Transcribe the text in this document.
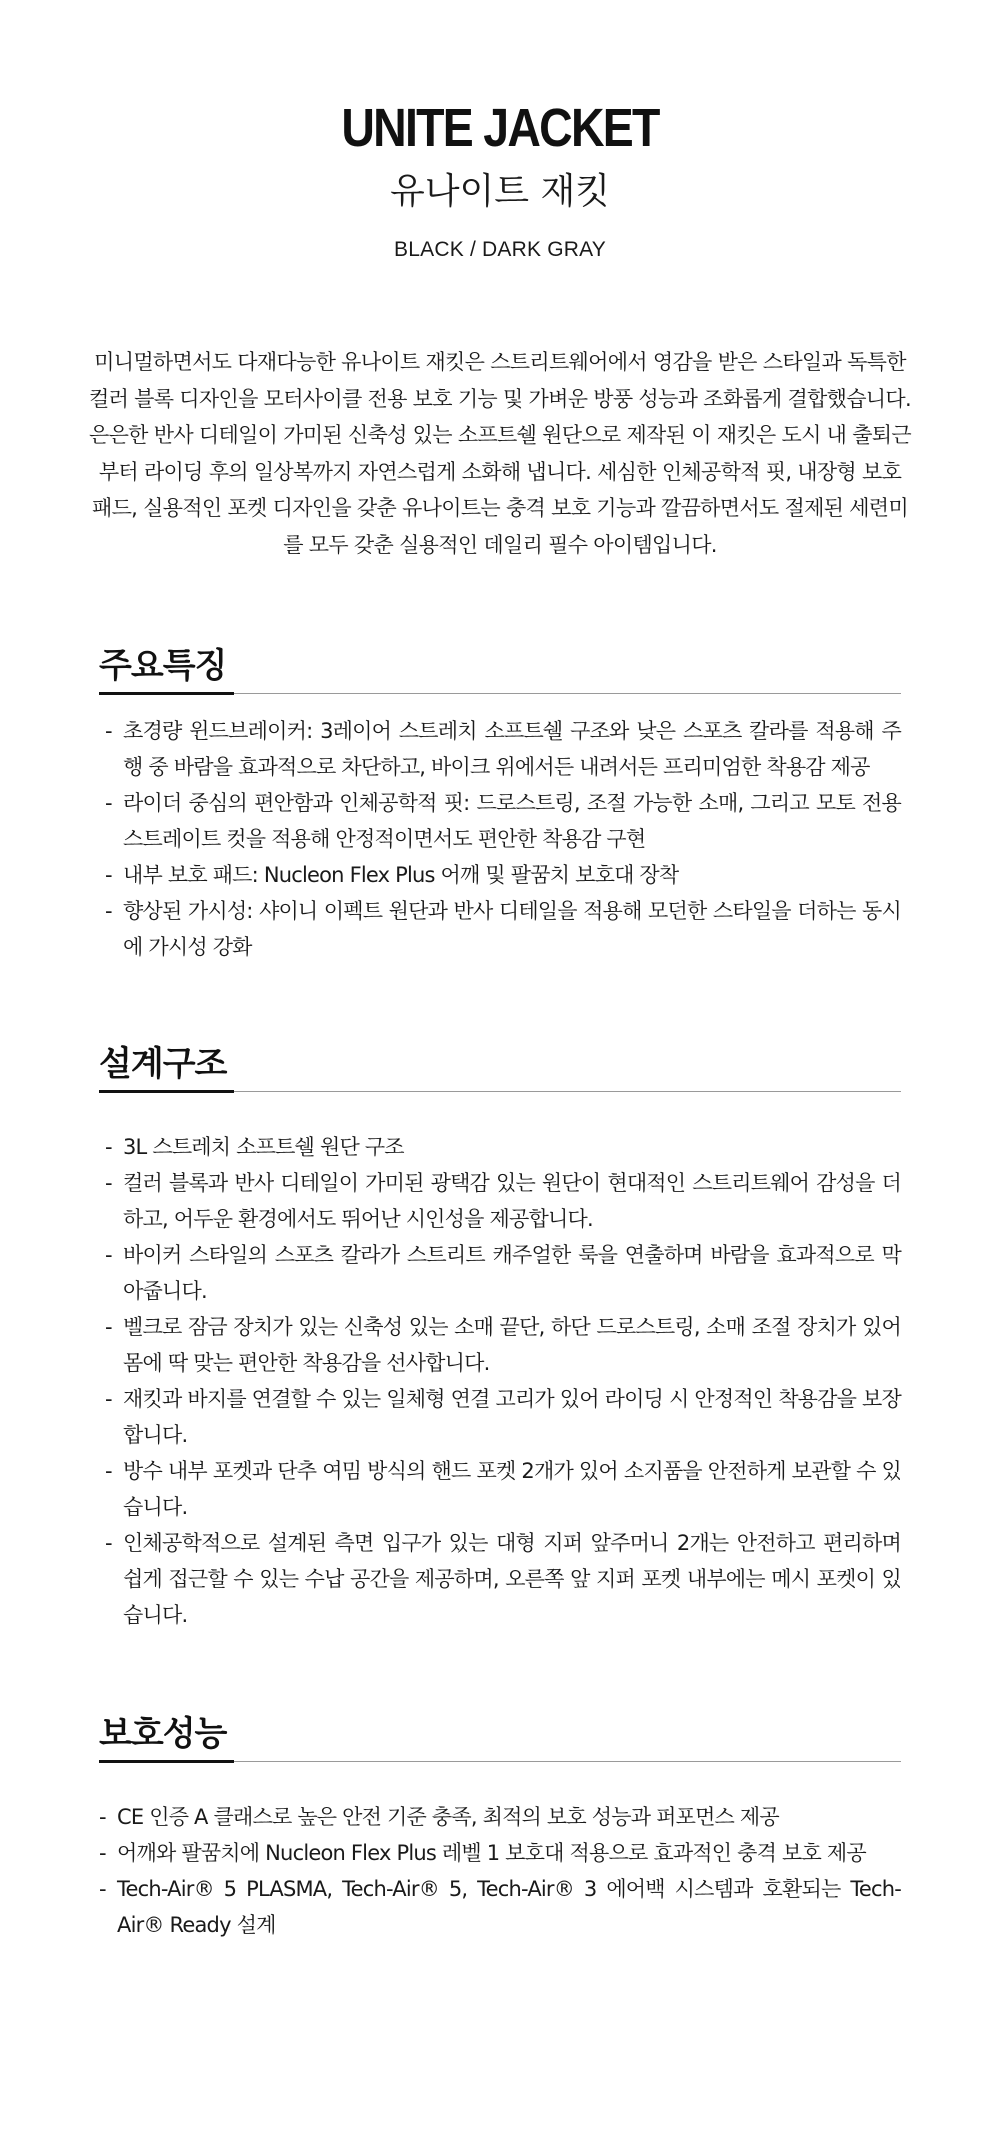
UNITE JACKET
유나이트 재킷
BLACK / DARK GRAY

미니멀하면서도 다재다능한 유나이트 재킷은 스트리트웨어에서 영감을 받은 스타일과 독특한 컬러 블록 디자인을 모터사이클 전용 보호 기능 및 가벼운 방풍 성능과 조화롭게 결합했습니다. 은은한 반사 디테일이 가미된 신축성 있는 소프트쉘 원단으로 제작된 이 재킷은 도시 내 출퇴근부터 라이딩 후의 일상복까지 자연스럽게 소화해 냅니다. 세심한 인체공학적 핏, 내장형 보호 패드, 실용적인 포켓 디자인을 갖춘 유나이트는 충격 보호 기능과 깔끔하면서도 절제된 세련미를 모두 갖춘 실용적인 데일리 필수 아이템입니다.

주요특징
- 초경량 윈드브레이커: 3레이어 스트레치 소프트쉘 구조와 낮은 스포츠 칼라를 적용해 주행 중 바람을 효과적으로 차단하고, 바이크 위에서든 내려서든 프리미엄한 착용감 제공
- 라이더 중심의 편안함과 인체공학적 핏: 드로스트링, 조절 가능한 소매, 그리고 모토 전용 스트레이트 컷을 적용해 안정적이면서도 편안한 착용감 구현
- 내부 보호 패드: Nucleon Flex Plus 어깨 및 팔꿈치 보호대 장착
- 향상된 가시성: 샤이니 이펙트 원단과 반사 디테일을 적용해 모던한 스타일을 더하는 동시에 가시성 강화
설계구조
- 3L 스트레치 소프트쉘 원단 구조
- 컬러 블록과 반사 디테일이 가미된 광택감 있는 원단이 현대적인 스트리트웨어 감성을 더하고, 어두운 환경에서도 뛰어난 시인성을 제공합니다.
- 바이커 스타일의 스포츠 칼라가 스트리트 캐주얼한 룩을 연출하며 바람을 효과적으로 막아줍니다.
- 벨크로 잠금 장치가 있는 신축성 있는 소매 끝단, 하단 드로스트링, 소매 조절 장치가 있어 몸에 딱 맞는 편안한 착용감을 선사합니다.
- 재킷과 바지를 연결할 수 있는 일체형 연결 고리가 있어 라이딩 시 안정적인 착용감을 보장합니다.
- 방수 내부 포켓과 단추 여밈 방식의 핸드 포켓 2개가 있어 소지품을 안전하게 보관할 수 있습니다.
- 인체공학적으로 설계된 측면 입구가 있는 대형 지퍼 앞주머니 2개는 안전하고 편리하며 쉽게 접근할 수 있는 수납 공간을 제공하며, 오른쪽 앞 지퍼 포켓 내부에는 메시 포켓이 있습니다.
보호성능
- CE 인증 A 클래스로 높은 안전 기준 충족, 최적의 보호 성능과 퍼포먼스 제공
- 어깨와 팔꿈치에 Nucleon Flex Plus 레벨 1 보호대 적용으로 효과적인 충격 보호 제공
- Tech-Air® 5 PLASMA, Tech-Air® 5, Tech-Air® 3 에어백 시스템과 호환되는 Tech-Air® Ready 설계
